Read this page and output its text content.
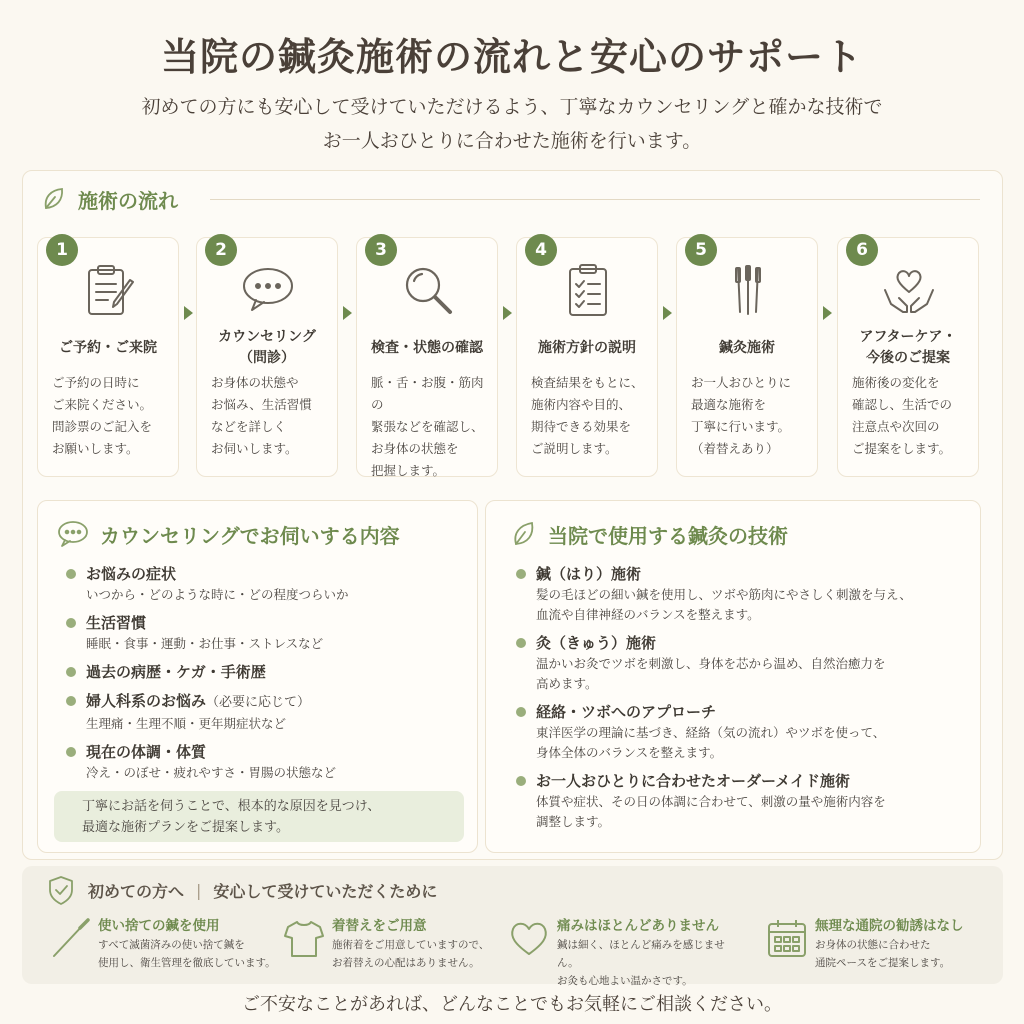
当院の鍼灸施術の流れと安心のサポート
初めての方にも安心して受けていただけるよう、丁寧なカウンセリングと確かな技術で
お一人おひとりに合わせた施術を行います。
施術の流れ
1
ご予約・ご来院
ご予約の日時に
ご来院ください。
問診票のご記入を
お願いします。
2
カウンセリング
（問診）
お身体の状態や
お悩み、生活習慣
などを詳しく
お伺いします。
3
検査・状態の確認
脈・舌・お腹・筋肉の
緊張などを確認し、
お身体の状態を
把握します。
4
施術方針の説明
検査結果をもとに、
施術内容や目的、
期待できる効果を
ご説明します。
5
鍼灸施術
お一人おひとりに
最適な施術を
丁寧に行います。
（着替えあり）
6
アフターケア・
今後のご提案
施術後の変化を
確認し、生活での
注意点や次回の
ご提案をします。
カウンセリングでお伺いする内容
お悩みの症状
いつから・どのような時に・どの程度つらいか
生活習慣
睡眠・食事・運動・お仕事・ストレスなど
過去の病歴・ケガ・手術歴
婦人科系のお悩み（必要に応じて）
生理痛・生理不順・更年期症状など
現在の体調・体質
冷え・のぼせ・疲れやすさ・胃腸の状態など
丁寧にお話を伺うことで、根本的な原因を見つけ、
最適な施術プランをご提案します。
当院で使用する鍼灸の技術
鍼（はり）施術
髪の毛ほどの細い鍼を使用し、ツボや筋肉にやさしく刺激を与え、
血流や自律神経のバランスを整えます。
灸（きゅう）施術
温かいお灸でツボを刺激し、身体を芯から温め、自然治癒力を
高めます。
経絡・ツボへのアプローチ
東洋医学の理論に基づき、経絡（気の流れ）やツボを使って、
身体全体のバランスを整えます。
お一人おひとりに合わせたオーダーメイド施術
体質や症状、その日の体調に合わせて、刺激の量や施術内容を
調整します。
初めての方へ | 安心して受けていただくために
使い捨ての鍼を使用
すべて滅菌済みの使い捨て鍼を
使用し、衛生管理を徹底しています。
着替えをご用意
施術着をご用意していますので、
お着替えの心配はありません。
痛みはほとんどありません
鍼は細く、ほとんど痛みを感じません。
お灸も心地よい温かさです。
無理な通院の勧誘はなし
お身体の状態に合わせた
通院ペースをご提案します。
ご不安なことがあれば、どんなことでもお気軽にご相談ください。
